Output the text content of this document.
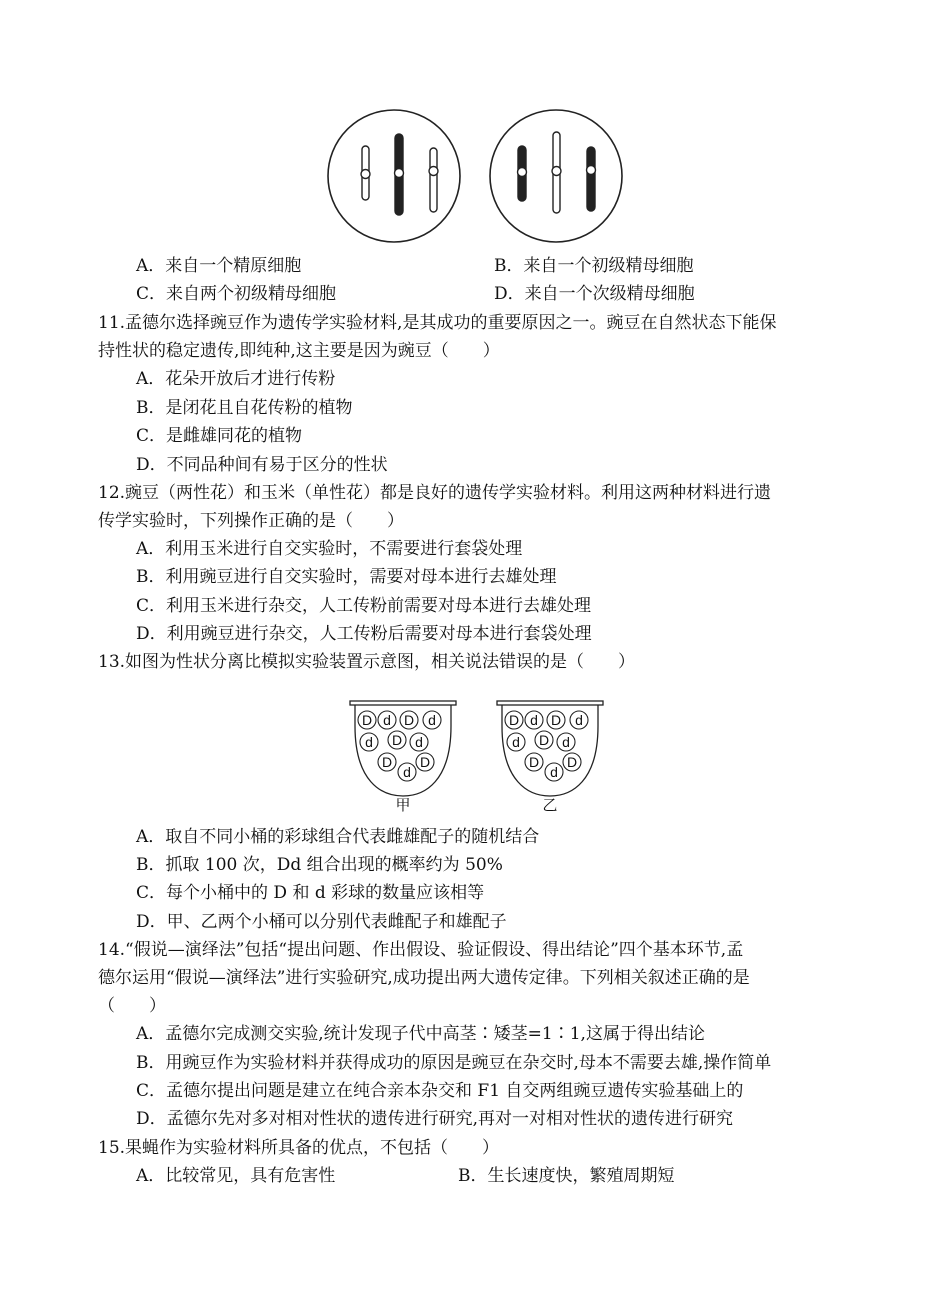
A．来自一个精原细胞	B．来自一个初级精母细胞
C．来自两个初级精母细胞	D．来自一个次级精母细胞
11.孟德尔选择豌豆作为遗传学实验材料,是其成功的重要原因之一。豌豆在自然状态下能保
持性状的稳定遗传,即纯种,这主要是因为豌豆（　　）
A．花朵开放后才进行传粉
B．是闭花且自花传粉的植物
C．是雌雄同花的植物
D．不同品种间有易于区分的性状
12.豌豆（两性花）和玉米（单性花）都是良好的遗传学实验材料。利用这两种材料进行遗
传学实验时，下列操作正确的是（　　）
A．利用玉米进行自交实验时，不需要进行套袋处理
B．利用豌豆进行自交实验时，需要对母本进行去雄处理
C．利用玉米进行杂交，人工传粉前需要对母本进行去雄处理
D．利用豌豆进行杂交，人工传粉后需要对母本进行套袋处理
13.如图为性状分离比模拟实验装置示意图，相关说法错误的是（　　）
D d D d
d D d
D
d
D
甲
D d D d
d D d
D
d
D
乙
A．取自不同小桶的彩球组合代表雌雄配子的随机结合
B．抓取 100 次，Dd 组合出现的概率约为 50%
C．每个小桶中的 D 和 d 彩球的数量应该相等
D．甲、乙两个小桶可以分别代表雌配子和雄配子
14.“假说—演绎法”包括“提出问题、作出假设、验证假设、得出结论”四个基本环节,孟
德尔运用“假说—演绎法”进行实验研究,成功提出两大遗传定律。下列相关叙述正确的是
（　　）
A．孟德尔完成测交实验,统计发现子代中高茎∶矮茎=1∶1,这属于得出结论
B．用豌豆作为实验材料并获得成功的原因是豌豆在杂交时,母本不需要去雄,操作简单
C．孟德尔提出问题是建立在纯合亲本杂交和 F1 自交两组豌豆遗传实验基础上的
D．孟德尔先对多对相对性状的遗传进行研究,再对一对相对性状的遗传进行研究
15.果蝇作为实验材料所具备的优点，不包括（　　）
A．比较常见，具有危害性	B．生长速度快，繁殖周期短
